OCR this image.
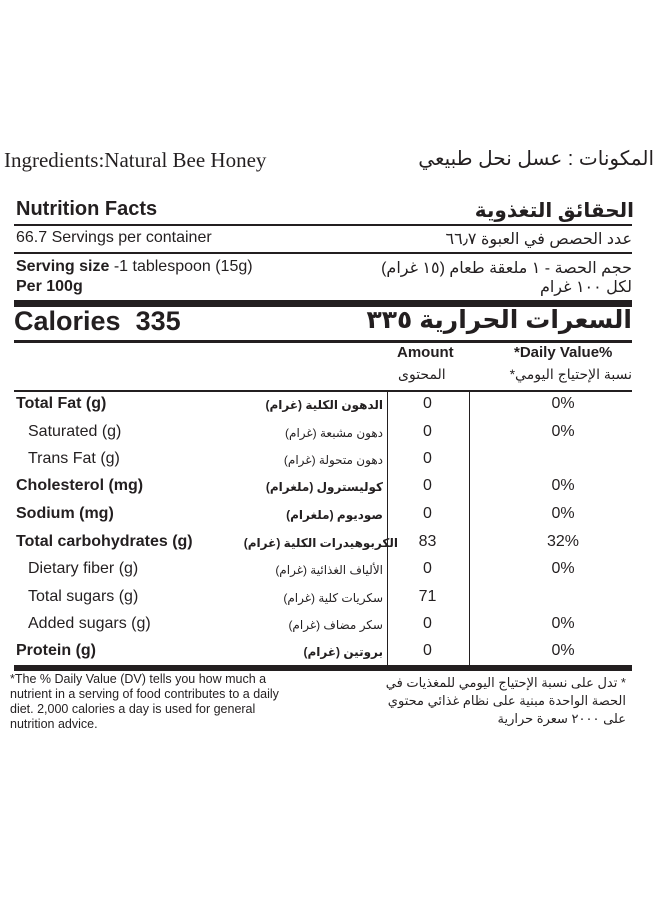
Ingredients:Natural Bee Honey	المكونات : عسل نحل طبيعي
Nutrition Facts	الحقائق التغذوية
66.7 Servings per container	عدد الحصص في العبوة ٦٦٫٧
Serving size -1 tablespoon (15g)	حجم الحصة - ١ ملعقة طعام (١٥ غرام)
Per 100g	لكل ١٠٠ غرام
Calories 335	السعرات الحرارية ٣٣٥
Amount
المحتوى
*Daily Value%
نسبة الإحتياج اليومي*
Total Fat (g)	الدهون الكلية (غرام)	0	0%
Saturated (g)	دهون مشبعة (غرام)	0	0%
Trans Fat (g)	دهون متحولة (غرام)	0
Cholesterol (mg)	كوليسترول (ملغرام)	0	0%
Sodium (mg)	صوديوم (ملغرام)	0	0%
Total carbohydrates (g)	الكربوهيدرات الكلية (غرام)	83	32%
Dietary fiber (g)	الألياف الغذائية (غرام)	0	0%
Total sugars (g)	سكريات كلية (غرام)	71
Added sugars (g)	سكر مضاف (غرام)	0	0%
Protein (g)	بروتين (غرام)	0	0%
*The % Daily Value (DV) tells you how much a nutrient in a serving of food contributes to a daily diet. 2,000 calories a day is used for general nutrition advice.
* تدل على نسبة الإحتياج اليومي للمغذيات في
الحصة الواحدة مبنية على نظام غذائي محتوي
على ٢٠٠٠ سعرة حرارية
